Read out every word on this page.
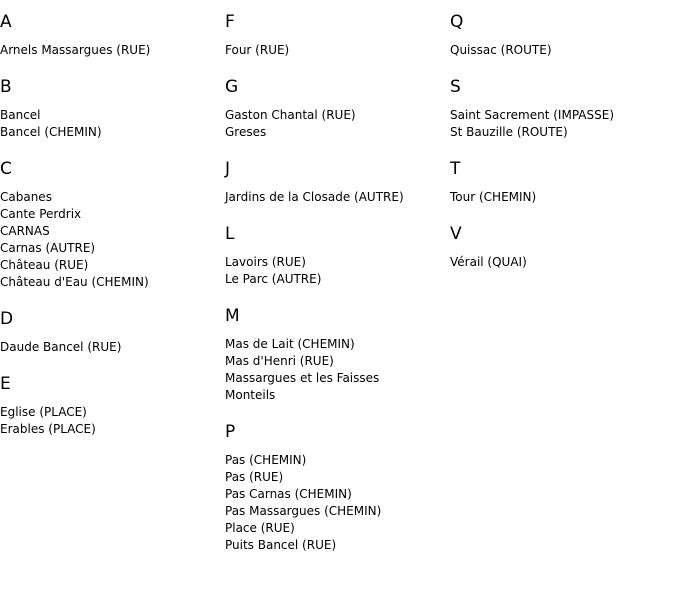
A
Arnels Massargues (RUE)
B
Bancel
Bancel (CHEMIN)
C
Cabanes
Cante Perdrix
CARNAS
Carnas (AUTRE)
Château (RUE)
Château d'Eau (CHEMIN)
D
Daude Bancel (RUE)
E
Eglise (PLACE)
Erables (PLACE)
F
Four (RUE)
G
Gaston Chantal (RUE)
Greses
J
Jardins de la Closade (AUTRE)
L
Lavoirs (RUE)
Le Parc (AUTRE)
M
Mas de Lait (CHEMIN)
Mas d'Henri (RUE)
Massargues et les Faisses
Monteils
P
Pas (CHEMIN)
Pas (RUE)
Pas Carnas (CHEMIN)
Pas Massargues (CHEMIN)
Place (RUE)
Puits Bancel (RUE)
Q
Quissac (ROUTE)
S
Saint Sacrement (IMPASSE)
St Bauzille (ROUTE)
T
Tour (CHEMIN)
V
Vérail (QUAI)
